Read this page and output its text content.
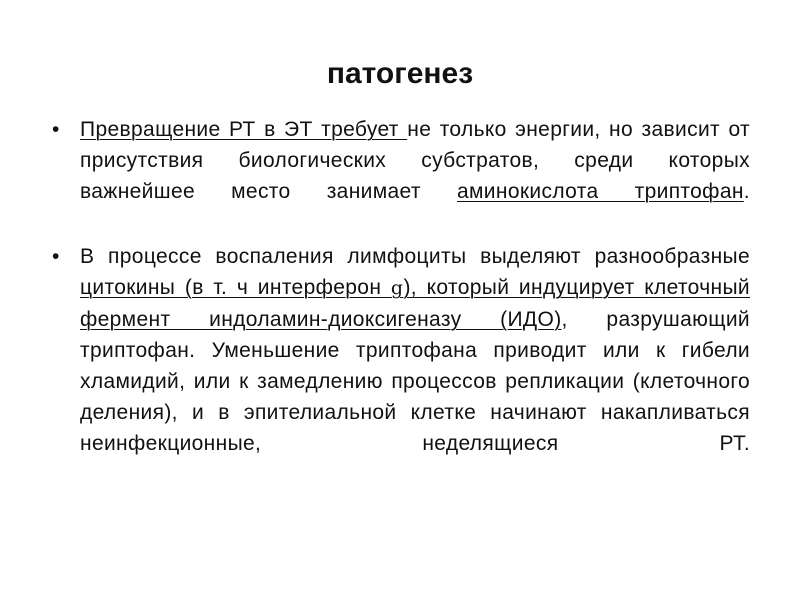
патогенез
• Превращение РТ в ЭТ требует не только энергии, но зависит от присутствия биологических субстратов, среди которых важнейшее место занимает аминокислота триптофан.
• В процессе воспаления лимфоциты выделяют разнообразные цитокины (в т. ч интерферон g), который индуцирует клеточный фермент индоламин-диоксигеназу (ИДО), разрушающий триптофан. Уменьшение триптофана приводит или к гибели хламидий, или к замедлению процессов репликации (клеточного деления), и в эпителиальной клетке начинают накапливаться неинфекционные, неделящиеся РТ.
